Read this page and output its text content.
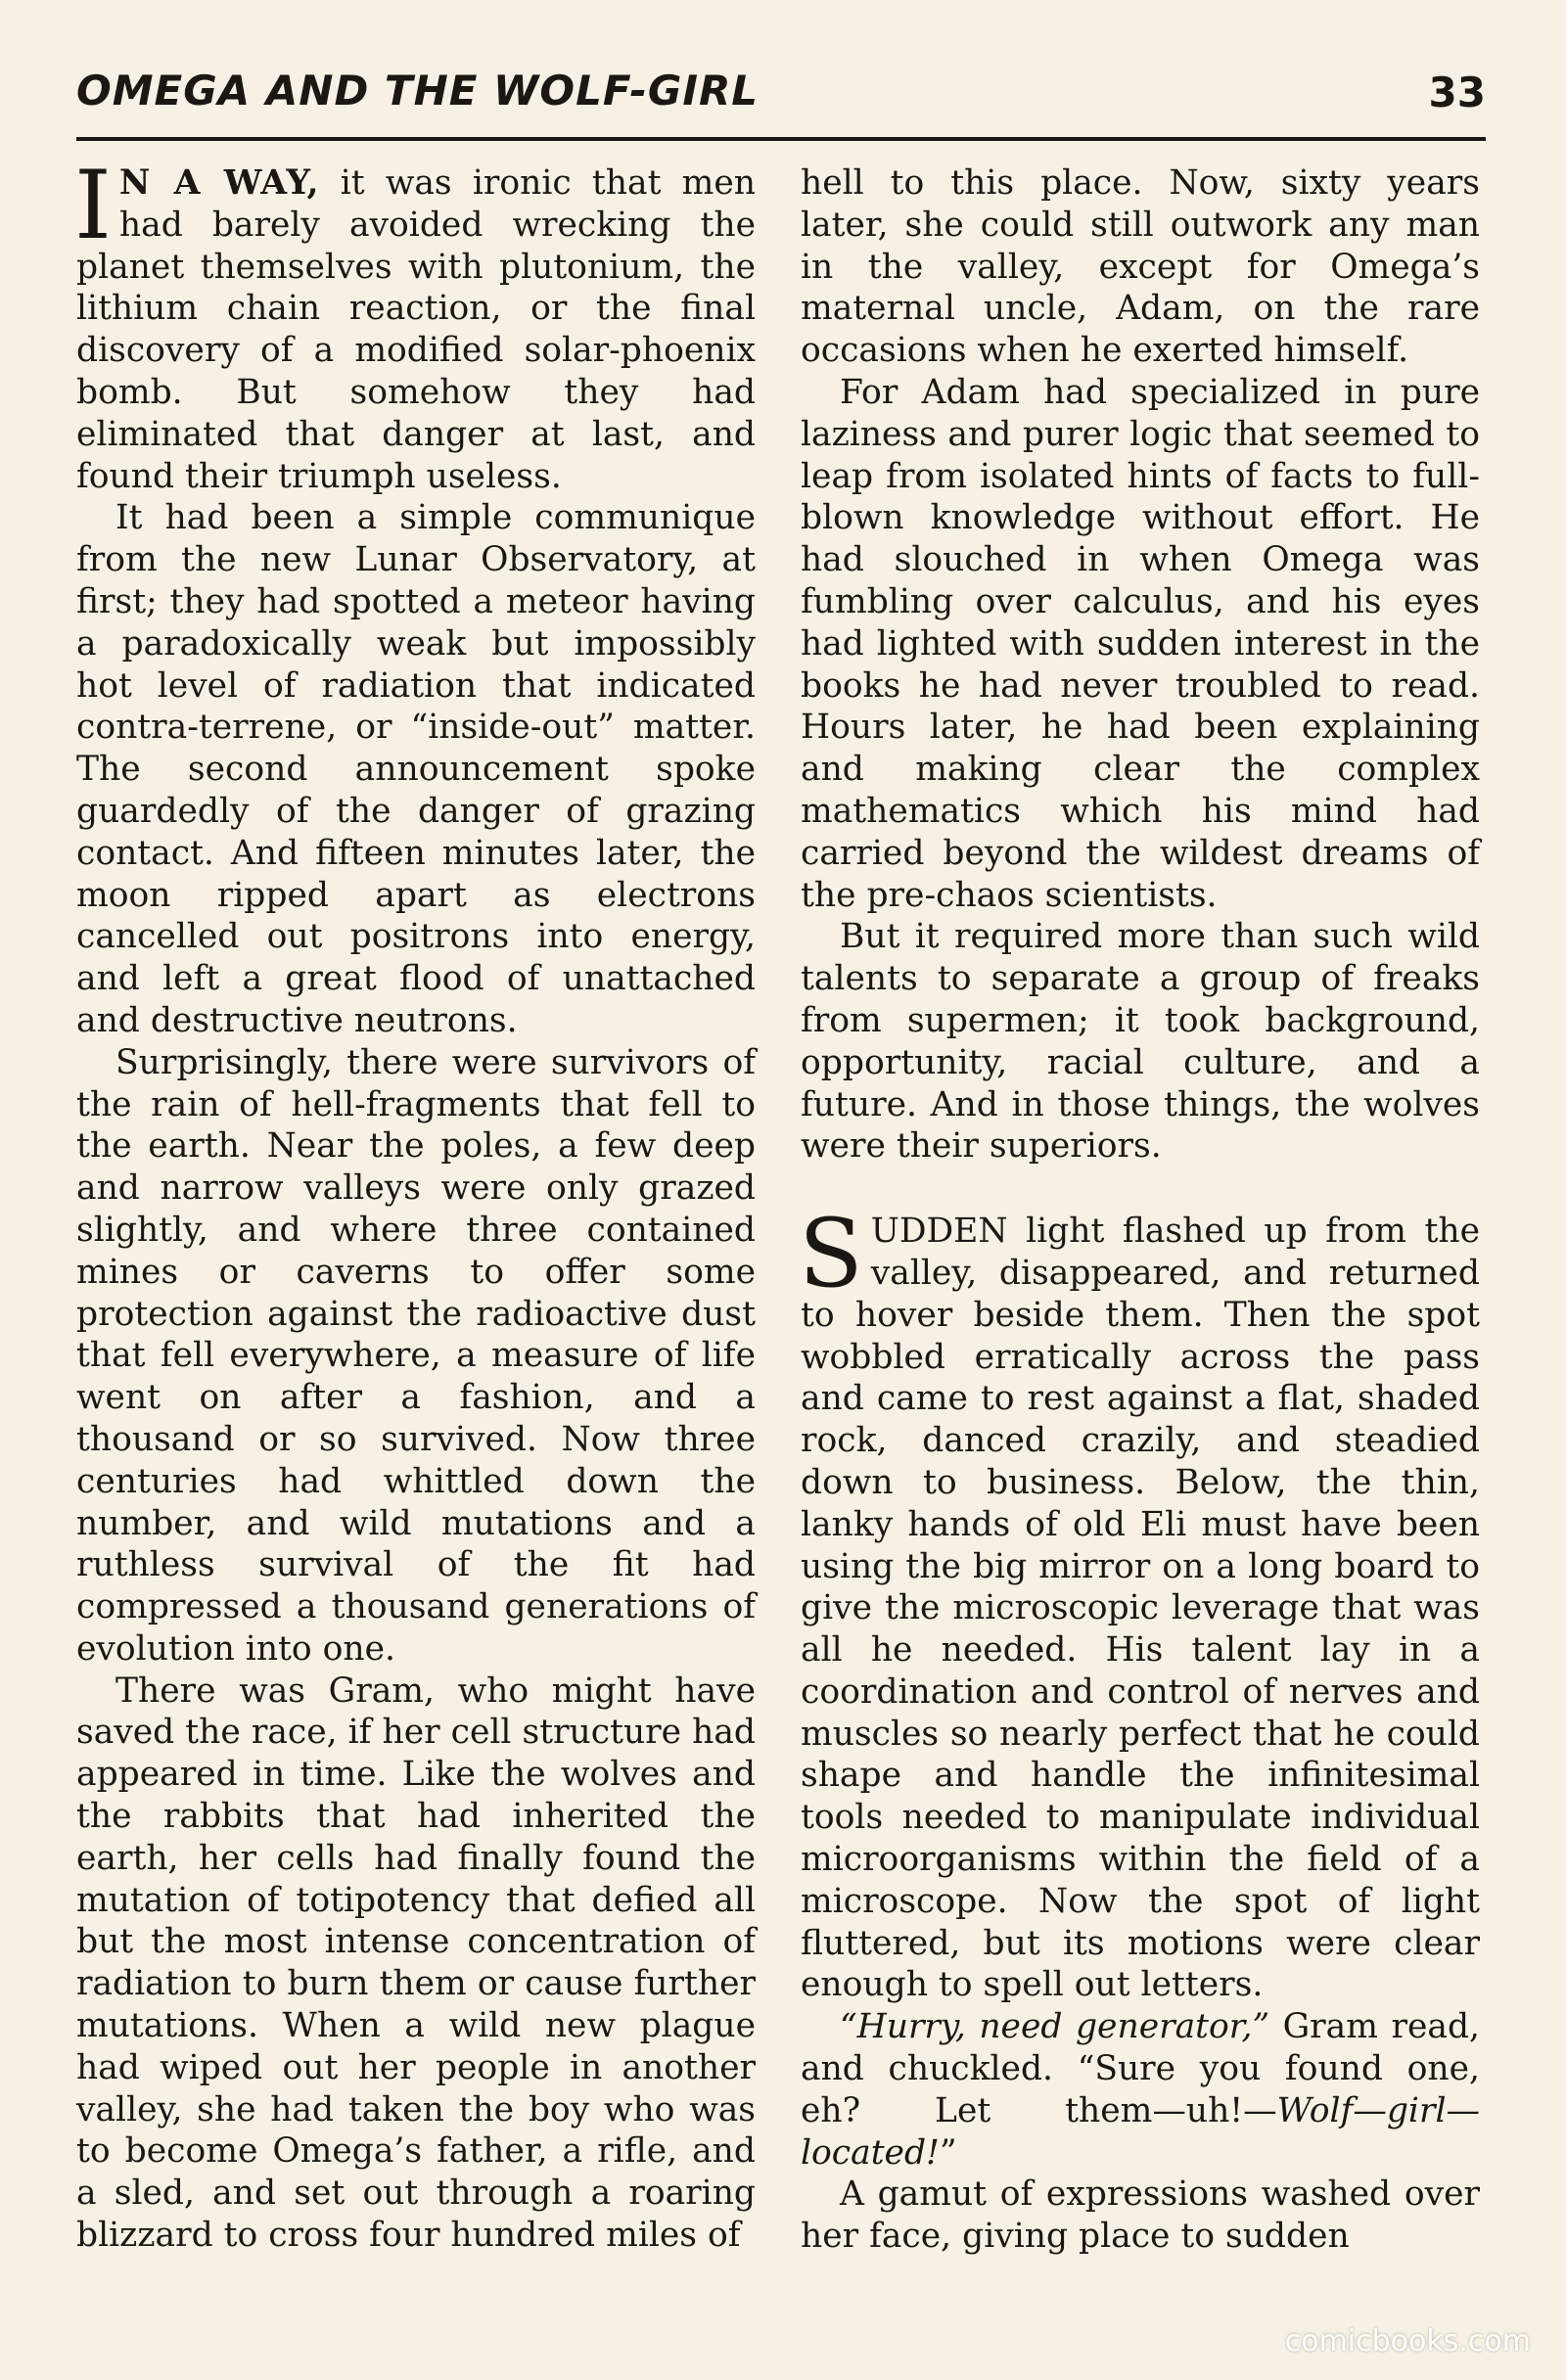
OMEGA AND THE WOLF-GIRL	33

I N A WAY, it was ironic that men had barely avoided wrecking the planet themselves with plutonium, the lithium chain reaction, or the final discovery of a modified solar-phoenix bomb. But somehow they had eliminated that danger at last, and found their triumph useless.

It had been a simple communique from the new Lunar Observatory, at first; they had spotted a meteor having a paradoxically weak but impossibly hot level of radiation that indicated contra-terrene, or “inside-out” matter. The second announcement spoke guardedly of the danger of grazing contact. And fifteen minutes later, the moon ripped apart as electrons cancelled out positrons into energy, and left a great flood of unattached and destructive neutrons.

Surprisingly, there were survivors of the rain of hell-fragments that fell to the earth. Near the poles, a few deep and narrow valleys were only grazed slightly, and where three contained mines or caverns to offer some protection against the radioactive dust that fell everywhere, a measure of life went on after a fashion, and a thousand or so survived. Now three centuries had whittled down the number, and wild mutations and a ruthless survival of the fit had compressed a thousand generations of evolution into one.

There was Gram, who might have saved the race, if her cell structure had appeared in time. Like the wolves and the rabbits that had inherited the earth, her cells had finally found the mutation of totipotency that defied all but the most intense concentration of radiation to burn them or cause further mutations. When a wild new plague had wiped out her people in another valley, she had taken the boy who was to become Omega’s father, a rifle, and a sled, and set out through a roaring blizzard to cross four hundred miles of

hell to this place. Now, sixty years later, she could still outwork any man in the valley, except for Omega’s maternal uncle, Adam, on the rare occasions when he exerted himself.

For Adam had specialized in pure laziness and purer logic that seemed to leap from isolated hints of facts to full-blown knowledge without effort. He had slouched in when Omega was fumbling over calculus, and his eyes had lighted with sudden interest in the books he had never troubled to read. Hours later, he had been explaining and making clear the complex mathematics which his mind had carried beyond the wildest dreams of the pre-chaos scientists.

But it required more than such wild talents to separate a group of freaks from supermen; it took background, opportunity, racial culture, and a future. And in those things, the wolves were their superiors.

SUDDEN light flashed up from the valley, disappeared, and returned to hover beside them. Then the spot wobbled erratically across the pass and came to rest against a flat, shaded rock, danced crazily, and steadied down to business. Below, the thin, lanky hands of old Eli must have been using the big mirror on a long board to give the microscopic leverage that was all he needed. His talent lay in a coordination and control of nerves and muscles so nearly perfect that he could shape and handle the infinitesimal tools needed to manipulate individual microorganisms within the field of a microscope. Now the spot of light fluttered, but its motions were clear enough to spell out letters.

“Hurry, need generator,” Gram read, and chuckled. “Sure you found one, eh? Let them—uh!—Wolf—girl—located!”

A gamut of expressions washed over her face, giving place to sudden

comicbooks.com
